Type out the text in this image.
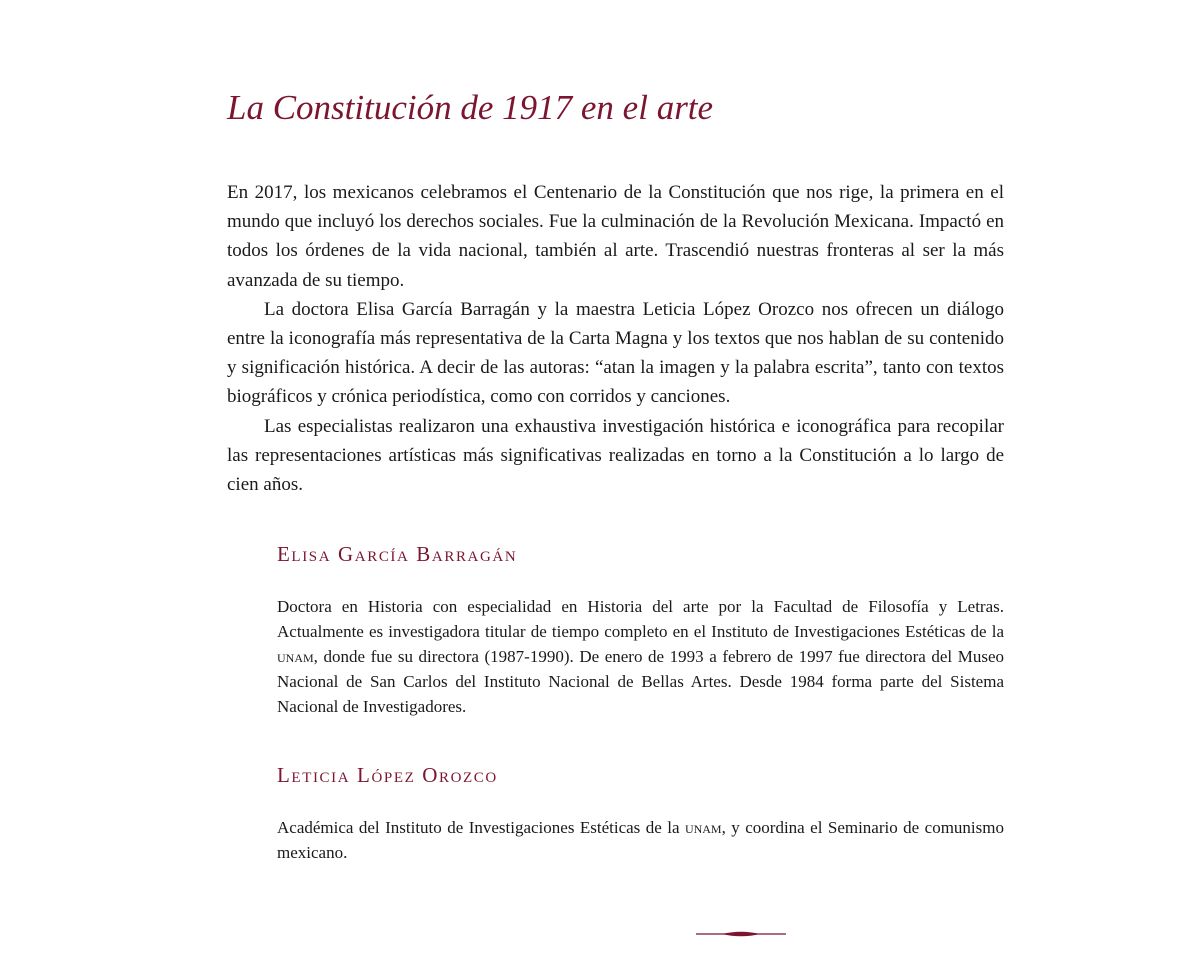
La Constitución de 1917 en el arte

En 2017, los mexicanos celebramos el Centenario de la Constitución que nos rige, la primera en el mundo que incluyó los derechos sociales. Fue la culminación de la Revolución Mexicana. Impactó en todos los órdenes de la vida nacional, también al arte. Trascendió nuestras fronteras al ser la más avanzada de su tiempo.

La doctora Elisa García Barragán y la maestra Leticia López Orozco nos ofrecen un diálogo entre la iconografía más representativa de la Carta Magna y los textos que nos hablan de su contenido y significación histórica. A decir de las autoras: “atan la imagen y la palabra escrita”, tanto con textos biográficos y crónica periodística, como con corridos y canciones.

Las especialistas realizaron una exhaustiva investigación histórica e iconográfica para recopilar las representaciones artísticas más significativas realizadas en torno a la Constitución a lo largo de cien años.

Elisa García Barragán

Doctora en Historia con especialidad en Historia del arte por la Facultad de Filosofía y Letras. Actualmente es investigadora titular de tiempo completo en el Instituto de Investigaciones Estéticas de la unam, donde fue su directora (1987-1990). De enero de 1993 a febrero de 1997 fue directora del Museo Nacional de San Carlos del Instituto Nacional de Bellas Artes. Desde 1984 forma parte del Sistema Nacional de Investigadores.

Leticia López Orozco

Académica del Instituto de Investigaciones Estéticas de la unam, y coordina el Seminario de comunismo mexicano.
